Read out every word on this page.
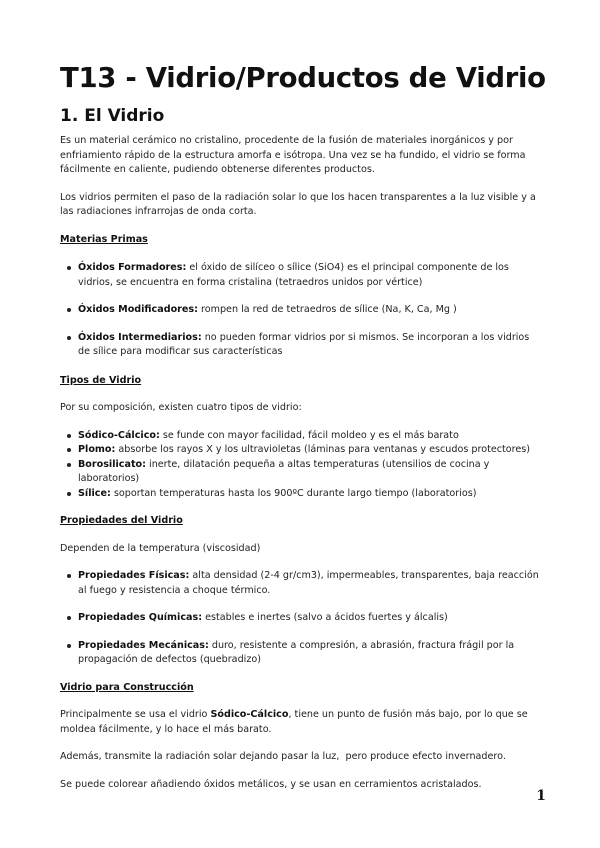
T13 - Vidrio/Productos de Vidrio
1. El Vidrio

Es un material cerámico no cristalino, procedente de la fusión de materiales inorgánicos y por enfriamiento rápido de la estructura amorfa e isótropa. Una vez se ha fundido, el vidrio se forma fácilmente en caliente, pudiendo obtenerse diferentes productos.

Los vidrios permiten el paso de la radiación solar lo que los hacen transparentes a la luz visible y a las radiaciones infrarrojas de onda corta.

Materias Primas
Óxidos Formadores: el óxido de silíceo o sílice (SiO4) es el principal componente de los vidrios, se encuentra en forma cristalina (tetraedros unidos por vértice)
Óxidos Modificadores: rompen la red de tetraedros de sílice (Na, K, Ca, Mg )
Óxidos Intermediarios: no pueden formar vidrios por si mismos. Se incorporan a los vidrios de sílice para modificar sus características
Tipos de Vidrio

Por su composición, existen cuatro tipos de vidrio:

Sódico-Cálcico: se funde con mayor facilidad, fácil moldeo y es el más barato
Plomo: absorbe los rayos X y los ultravioletas (láminas para ventanas y escudos protectores)
Borosilicato: inerte, dilatación pequeña a altas temperaturas (utensilios de cocina y laboratorios)
Sílice: soportan temperaturas hasta los 900ºC durante largo tiempo (laboratorios)
Propiedades del Vidrio

Dependen de la temperatura (viscosidad)

Propiedades Físicas: alta densidad (2-4 gr/cm3), impermeables, transparentes, baja reacción al fuego y resistencia a choque térmico.
Propiedades Químicas: estables e inertes (salvo a ácidos fuertes y álcalis)
Propiedades Mecánicas: duro, resistente a compresión, a abrasión, fractura frágil por la propagación de defectos (quebradizo)
Vidrio para Construcción

Principalmente se usa el vidrio Sódico-Cálcico, tiene un punto de fusión más bajo, por lo que se moldea fácilmente, y lo hace el más barato.

Además, transmite la radiación solar dejando pasar la luz,  pero produce efecto invernadero.

Se puede colorear añadiendo óxidos metálicos, y se usan en cerramientos acristalados.

1
